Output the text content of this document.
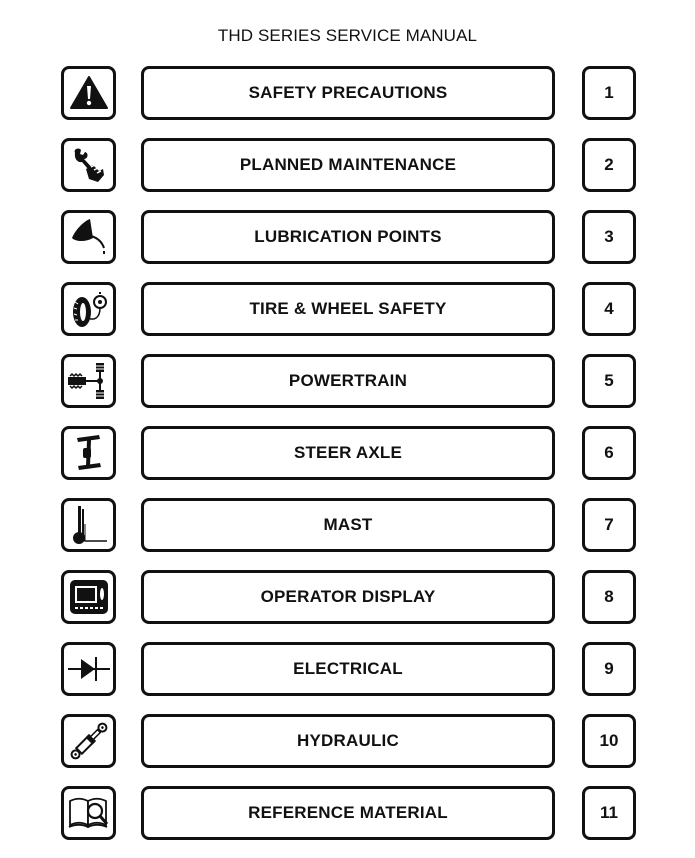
THD SERIES SERVICE MANUAL
SAFETY PRECAUTIONS	1
PLANNED MAINTENANCE	2
LUBRICATION POINTS	3
TIRE & WHEEL SAFETY	4
POWERTRAIN	5
STEER AXLE	6
MAST	7
OPERATOR DISPLAY	8
ELECTRICAL	9
HYDRAULIC	10
REFERENCE MATERIAL	11
